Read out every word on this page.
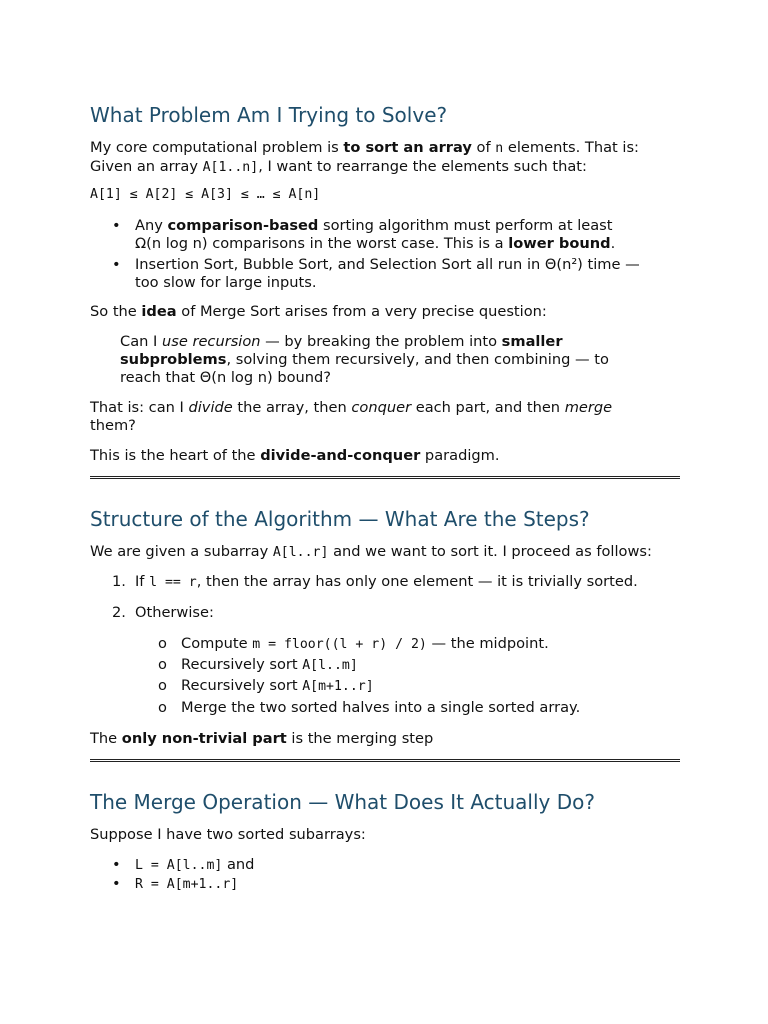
What Problem Am I Trying to Solve?

My core computational problem is to sort an array of n elements. That is:
Given an array A[1..n], I want to rearrange the elements such that:

A[1] ≤ A[2] ≤ A[3] ≤ … ≤ A[n]

• Any comparison-based sorting algorithm must perform at least
Ω(n log n) comparisons in the worst case. This is a lower bound.

• Insertion Sort, Bubble Sort, and Selection Sort all run in Θ(n²) time —
too slow for large inputs.

So the idea of Merge Sort arises from a very precise question:

Can I use recursion — by breaking the problem into smaller
subproblems, solving them recursively, and then combining — to
reach that Θ(n log n) bound?

That is: can I divide the array, then conquer each part, and then merge
them?

This is the heart of the divide-and-conquer paradigm.

Structure of the Algorithm — What Are the Steps?

We are given a subarray A[l..r] and we want to sort it. I proceed as follows:

1. If l == r, then the array has only one element — it is trivially sorted.

2. Otherwise:

o Compute m = floor((l + r) / 2) — the midpoint.

o Recursively sort A[l..m]

o Recursively sort A[m+1..r]

o Merge the two sorted halves into a single sorted array.

The only non-trivial part is the merging step

The Merge Operation — What Does It Actually Do?

Suppose I have two sorted subarrays:

• L = A[l..m] and

• R = A[m+1..r]
